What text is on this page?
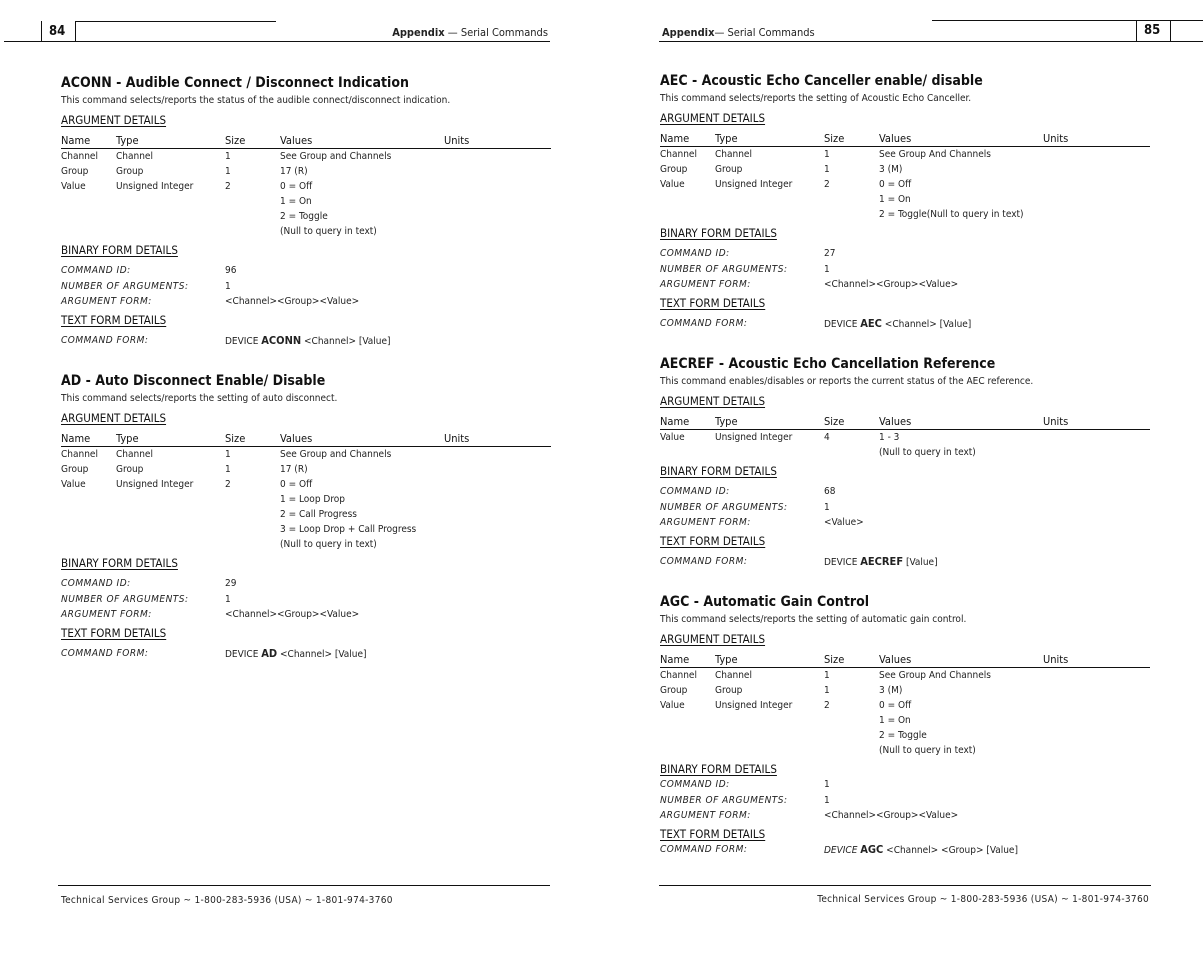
84	Appendix — Serial Commands
ACONN - Audible Connect / Disconnect Indication
This command selects/reports the status of the audible connect/disconnect indication.
ARGUMENT DETAILS
Name Type	Size	Values	Units
Channel Channel	1	See Group and Channels
Group	Group	1	17 (R)
Value	Unsigned Integer	2	0 = Off
1 = On
2 = Toggle
(Null to query in text)
BINARY FORM DETAILS
COMMAND ID:	96
NUMBER OF ARGUMENTS:	1
ARGUMENT FORM:	<Channel><Group><Value>
TEXT FORM DETAILS
COMMAND FORM:	DEVICE ACONN <Channel> [Value]
AD - Auto Disconnect Enable/ Disable
This command selects/reports the setting of auto disconnect.
ARGUMENT DETAILS
Name Type	Size	Values	Units
Channel Channel	1	See Group and Channels
Group	Group	1	17 (R)
Value	Unsigned Integer	2	0 = Off
1 = Loop Drop
2 = Call Progress
3 = Loop Drop + Call Progress
(Null to query in text)
BINARY FORM DETAILS
COMMAND ID:	29
NUMBER OF ARGUMENTS:	1
ARGUMENT FORM:	<Channel><Group><Value>
TEXT FORM DETAILS
COMMAND FORM:	DEVICE AD <Channel> [Value]
Technical Services Group ~ 1-800-283-5936 (USA) ~ 1-801-974-3760
85
Appendix— Serial Commands
AEC - Acoustic Echo Canceller enable/ disable
This command selects/reports the setting of Acoustic Echo Canceller.
ARGUMENT DETAILS
Name Type	Size	Values	Units
Channel Channel	1	See Group And Channels
Group	Group	1	3 (M)
Value	Unsigned Integer	2	0 = Off
1 = On
2 = Toggle(Null to query in text)
BINARY FORM DETAILS
COMMAND ID:	27
NUMBER OF ARGUMENTS:	1
ARGUMENT FORM:	<Channel><Group><Value>
TEXT FORM DETAILS
COMMAND FORM:	DEVICE AEC <Channel> [Value]
AECREF - Acoustic Echo Cancellation Reference
This command enables/disables or reports the current status of the AEC reference.
ARGUMENT DETAILS
Name Type	Size	Values	Units
Value	Unsigned Integer	4	1 - 3
(Null to query in text)
BINARY FORM DETAILS
COMMAND ID:	68
NUMBER OF ARGUMENTS:	1
ARGUMENT FORM:	<Value>
TEXT FORM DETAILS
COMMAND FORM:	DEVICE AECREF [Value]
AGC - Automatic Gain Control
This command selects/reports the setting of automatic gain control.
ARGUMENT DETAILS
Name Type	Size	Values	Units
Channel Channel	1	See Group And Channels
Group	Group	1	3 (M)
Value	Unsigned Integer	2	0 = Off
1 = On
2 = Toggle
(Null to query in text)
BINARY FORM DETAILS
COMMAND ID:	1
NUMBER OF ARGUMENTS:	1
ARGUMENT FORM:	<Channel><Group><Value>
TEXT FORM DETAILS
COMMAND FORM:	DEVICE AGC <Channel> <Group> [Value]
Technical Services Group ~ 1-800-283-5936 (USA) ~ 1-801-974-3760
